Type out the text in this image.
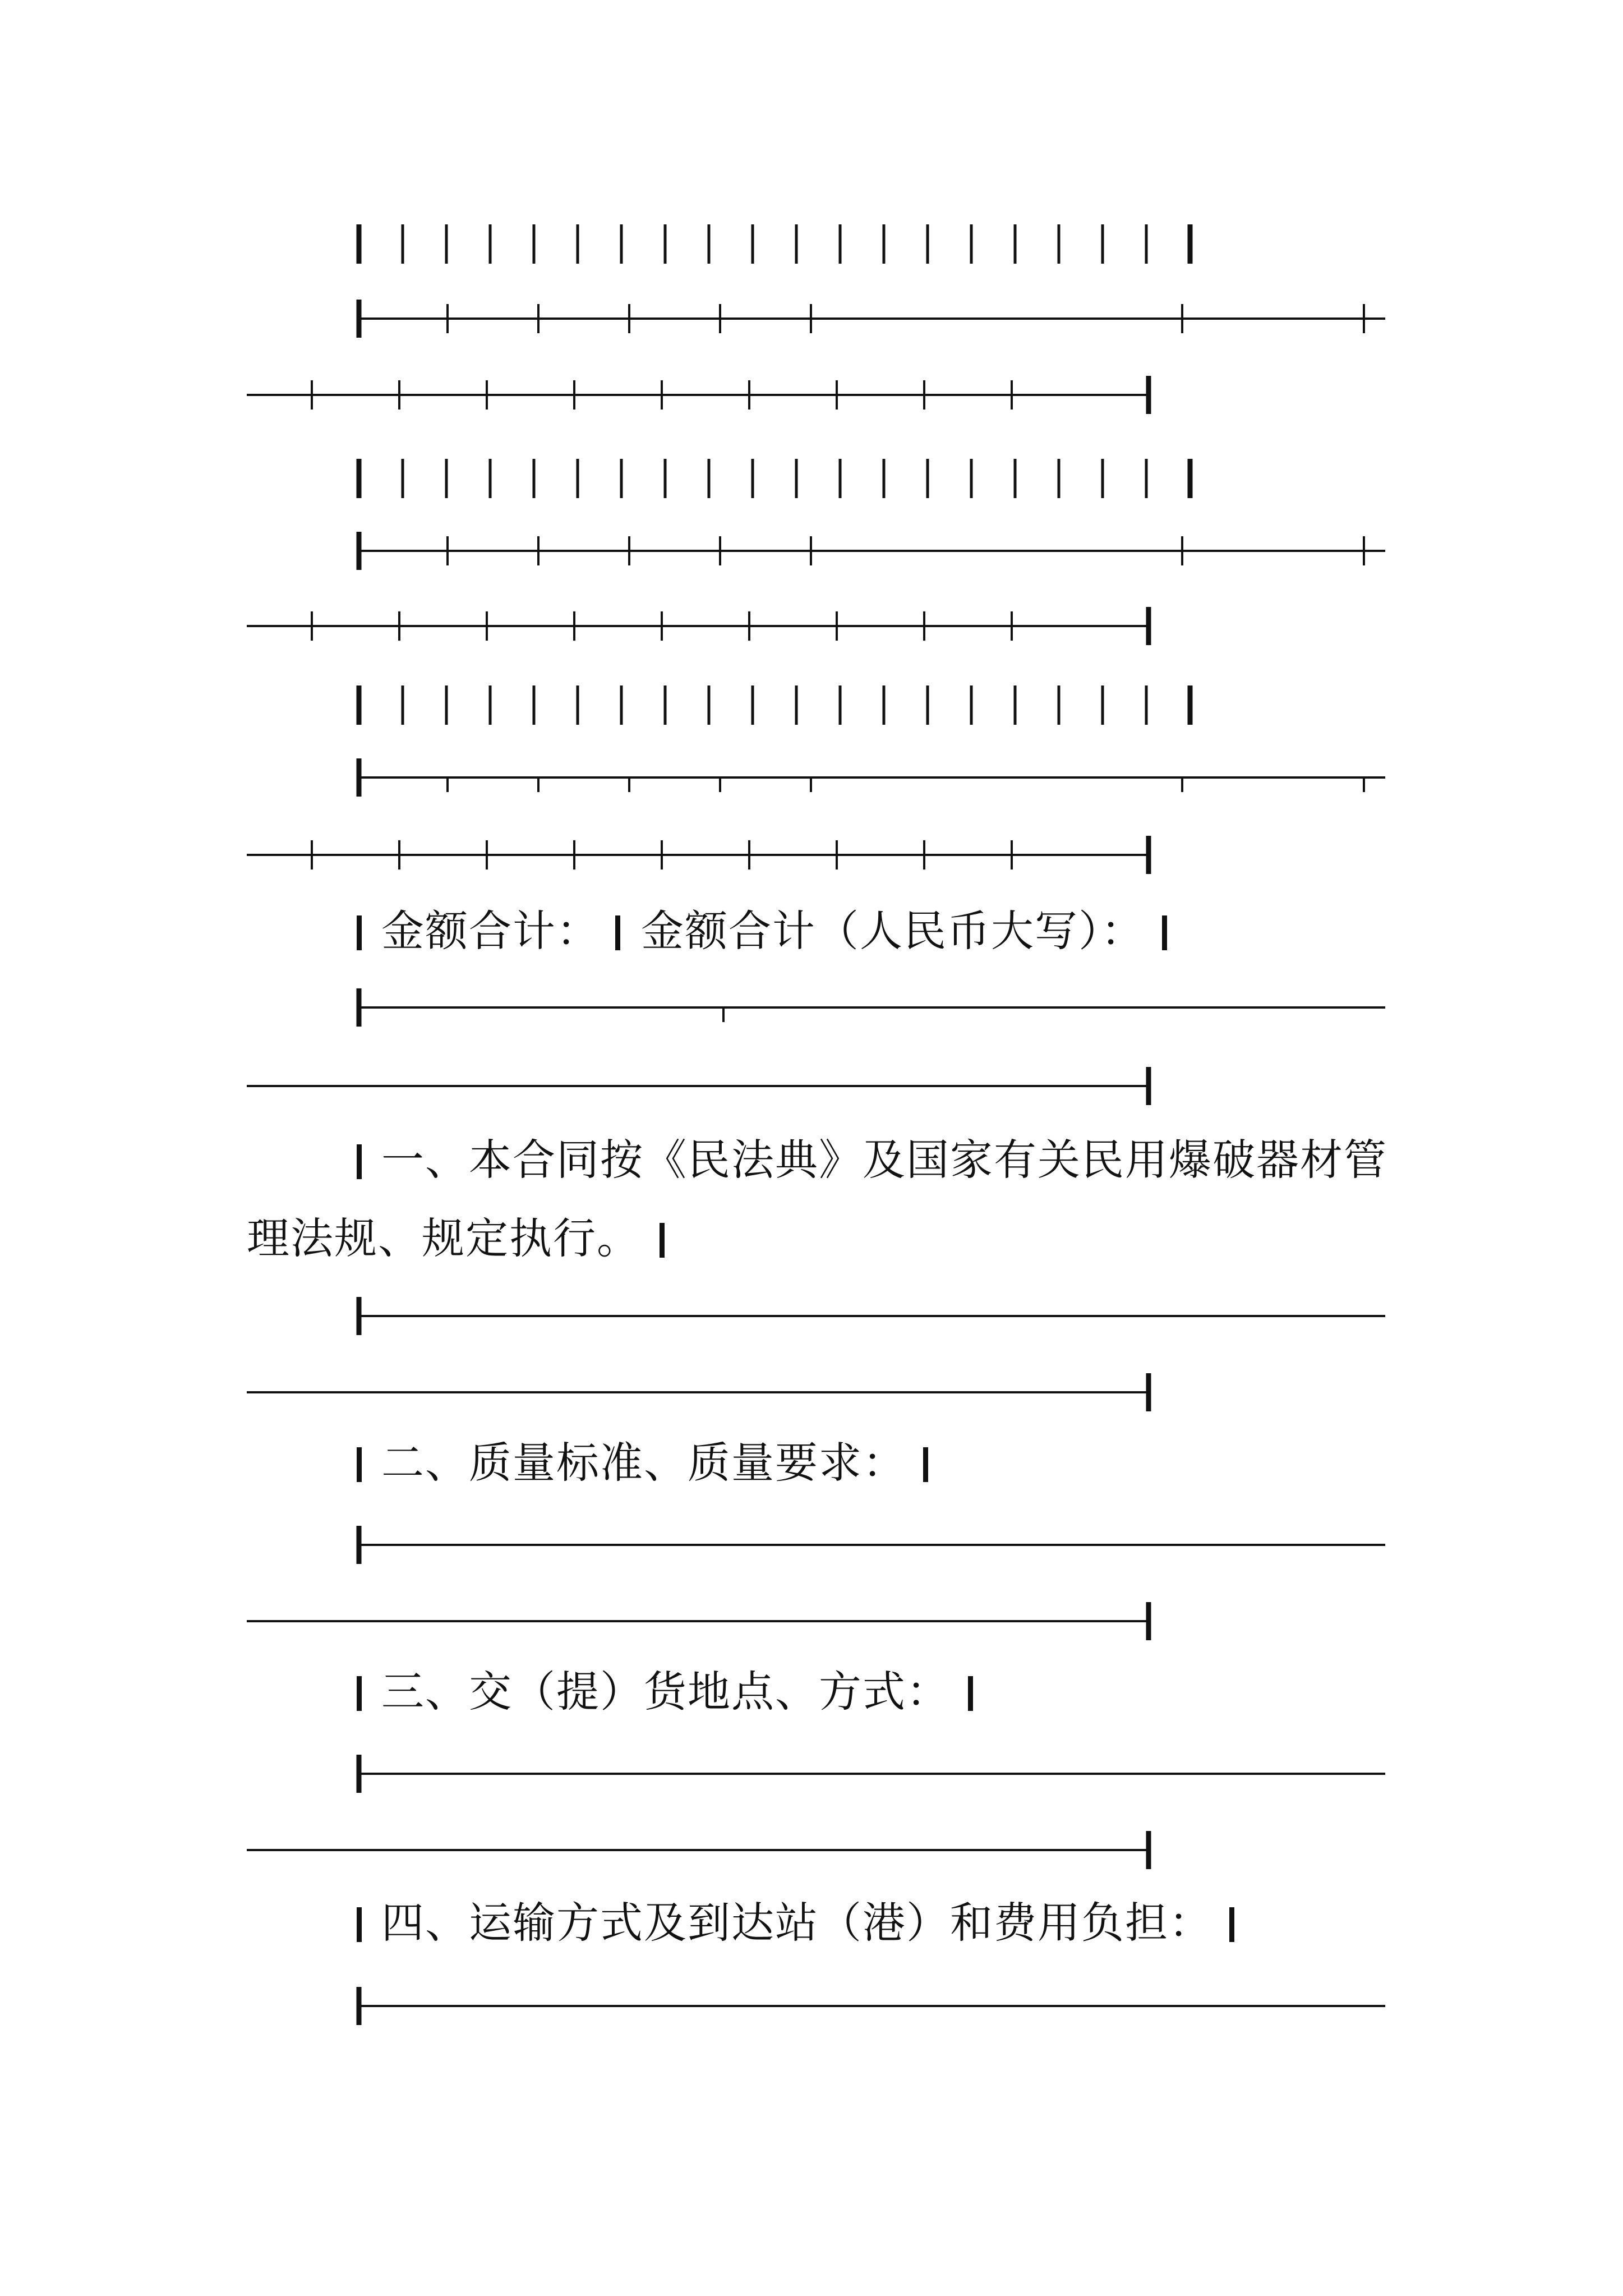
金额合计： 金额合计（人民币大写）：
一、本合同按《民法典》及国家有关民用爆破器材管
理法规、规定执行。
二、质量标准、质量要求：
三、交（提）货地点、方式：
四、运输方式及到达站（港）和费用负担：
